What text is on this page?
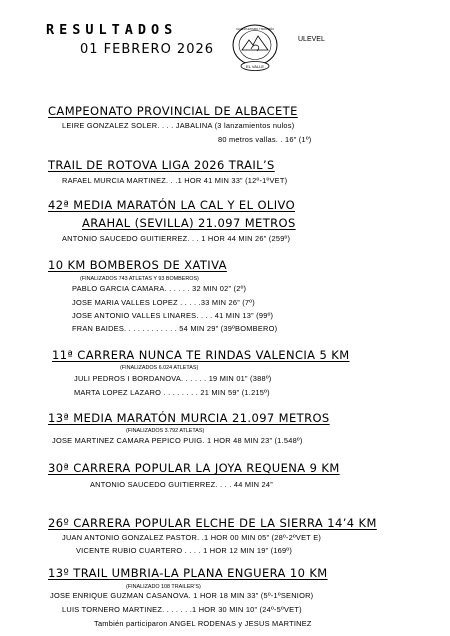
RESULTADOS
01 FEBRERO 2026
EL VALLE
CLUB ATLETISMO Y MONTAÑA
ULEVEL
CAMPEONATO PROVINCIAL DE ALBACETE
LEIRE GONZALEZ SOLER. . . . JABALINA (3 lanzamientos nulos)
80 metros vallas. . 16” (1º)
TRAIL DE ROTOVA LIGA 2026 TRAIL’S
RAFAEL MURCIA MARTINEZ. . .1 HOR 41 MIN 33” (12º-1ºVET)
42ª MEDIA MARATÓN LA CAL Y EL OLIVO
ARAHAL (SEVILLA) 21.097 METROS
ANTONIO SAUCEDO GUITIERREZ. . . 1 HOR 44 MIN 26” (259º)
10 KM BOMBEROS DE XATIVA
(FINALIZADOS 743 ATLETAS Y 93 BOMBEROS)
PABLO GARCIA CAMARA. . . . . . 32 MIN 02” (2º)
JOSE MARIA VALLES LOPEZ . . . . .33 MIN 26” (7º)
JOSE ANTONIO VALLES LINARES. . . . 41 MIN 13” (99º)
FRAN BAIDES. . . . . . . . . . . . 54 MIN 29” (39ºBOMBERO)
11ª CARRERA NUNCA TE RINDAS VALENCIA 5 KM
(FINALIZADOS 6.024 ATLETAS)
JULI PEDROS I BORDANOVA. . . . . . 19 MIN 01” (388º)
MARTA LOPEZ LAZARO . . . . . . . . 21 MIN 59” (1.215º)
13ª MEDIA MARATÓN MURCIA 21.097 METROS
(FINALIZADOS 3.792 ATLETAS)
JOSE MARTINEZ CAMARA PEPICO PUIG. 1 HOR 48 MIN 23” (1.548º)
30ª CARRERA POPULAR LA JOYA REQUENA 9 KM
ANTONIO SAUCEDO GUITIERREZ. . . . 44 MIN 24”
26º CARRERA POPULAR ELCHE DE LA SIERRA 14’4 KM
JUAN ANTONIO GONZALEZ PASTOR. .1 HOR 00 MIN 05” (28º-2ºVET E)
VICENTE RUBIO CUARTERO . . . . 1 HOR 12 MIN 19” (169º)
13º TRAIL UMBRIA-LA PLANA ENGUERA 10 KM
(FINALIZADO 108 TRAILER’S)
JOSE ENRIQUE GUZMAN CASANOVA. 1 HOR 18 MIN 33” (5º-1ºSENIOR)
LUIS TORNERO MARTINEZ. . . . . . .1 HOR 30 MIN 10” (24º-5ºVET)
También participaron ANGEL RODENAS y JESUS MARTINEZ
